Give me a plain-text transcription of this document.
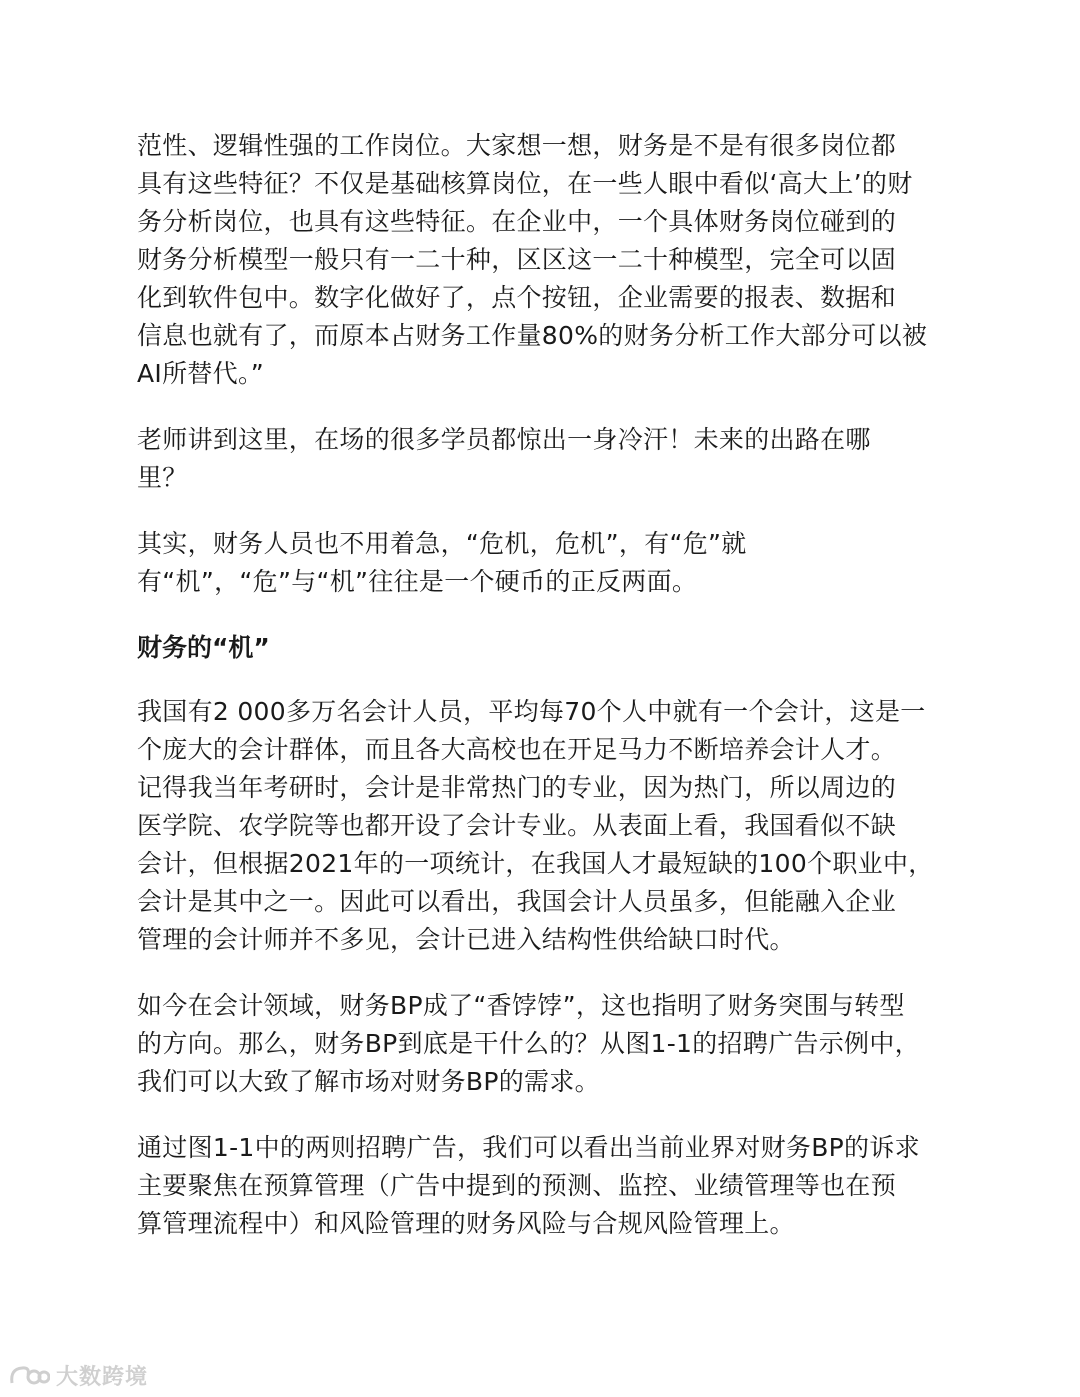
范性、逻辑性强的工作岗位。大家想一想，财务是不是有很多岗位都
具有这些特征？不仅是基础核算岗位，在一些人眼中看似‘高大上’的财
务分析岗位，也具有这些特征。在企业中，一个具体财务岗位碰到的
财务分析模型一般只有一二十种，区区这一二十种模型，完全可以固
化到软件包中。数字化做好了，点个按钮，企业需要的报表、数据和
信息也就有了，而原本占财务工作量80%的财务分析工作大部分可以被
AI所替代。”

老师讲到这里，在场的很多学员都惊出一身冷汗！未来的出路在哪
里？

其实，财务人员也不用着急，“危机，危机”，有“危”就
有“机”，“危”与“机”往往是一个硬币的正反两面。

财务的“机”

我国有2 000多万名会计人员，平均每70个人中就有一个会计，这是一
个庞大的会计群体，而且各大高校也在开足马力不断培养会计人才。
记得我当年考研时，会计是非常热门的专业，因为热门，所以周边的
医学院、农学院等也都开设了会计专业。从表面上看，我国看似不缺
会计，但根据2021年的一项统计，在我国人才最短缺的100个职业中，
会计是其中之一。因此可以看出，我国会计人员虽多，但能融入企业
管理的会计师并不多见，会计已进入结构性供给缺口时代。

如今在会计领域，财务BP成了“香饽饽”，这也指明了财务突围与转型
的方向。那么，财务BP到底是干什么的？从图1-1的招聘广告示例中，
我们可以大致了解市场对财务BP的需求。

通过图1-1中的两则招聘广告，我们可以看出当前业界对财务BP的诉求
主要聚焦在预算管理（广告中提到的预测、监控、业绩管理等也在预
算管理流程中）和风险管理的财务风险与合规风险管理上。

大数跨境
